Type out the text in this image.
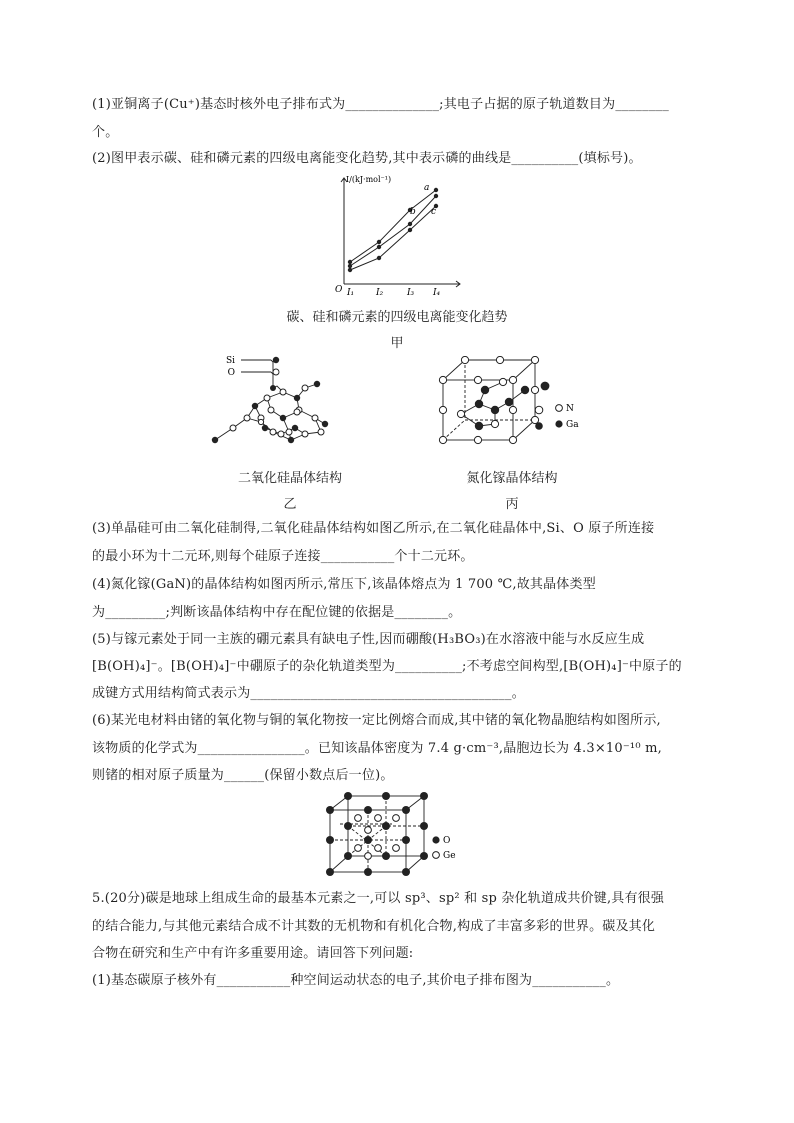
(1)亚铜离子(Cu⁺)基态时核外电子排布式为______________;其电子占据的原子轨道数目为________
个。
(2)图甲表示碳、硅和磷元素的四级电离能变化趋势,其中表示磷的曲线是__________(填标号)。
I/(kJ·mol⁻¹)
O I₁ I₂	I₃ I₄
a
b c
碳、硅和磷元素的四级电离能变化趋势
甲
Si
O
N
Ga
二氧化硅晶体结构
乙
氮化镓晶体结构
丙
(3)单晶硅可由二氧化硅制得,二氧化硅晶体结构如图乙所示,在二氧化硅晶体中,Si、O 原子所连接
的最小环为十二元环,则每个硅原子连接___________个十二元环。
(4)氮化镓(GaN)的晶体结构如图丙所示,常压下,该晶体熔点为 1 700 ℃,故其晶体类型
为_________;判断该晶体结构中存在配位键的依据是________。
(5)与镓元素处于同一主族的硼元素具有缺电子性,因而硼酸(H₃BO₃)在水溶液中能与水反应生成
[B(OH)₄]⁻。[B(OH)₄]⁻中硼原子的杂化轨道类型为__________;不考虑空间构型,[B(OH)₄]⁻中原子的
成键方式用结构简式表示为_______________________________________。
(6)某光电材料由锗的氧化物与铜的氧化物按一定比例熔合而成,其中锗的氧化物晶胞结构如图所示,
该物质的化学式为________________。已知该晶体密度为 7.4 g·cm⁻³,晶胞边长为 4.3×10⁻¹⁰ m,
则锗的相对原子质量为______(保留小数点后一位)。
O
Ge
5.(20分)碳是地球上组成生命的最基本元素之一,可以 sp³、sp² 和 sp 杂化轨道成共价键,具有很强
的结合能力,与其他元素结合成不计其数的无机物和有机化合物,构成了丰富多彩的世界。碳及其化
合物在研究和生产中有许多重要用途。请回答下列问题:
(1)基态碳原子核外有___________种空间运动状态的电子,其价电子排布图为___________。
